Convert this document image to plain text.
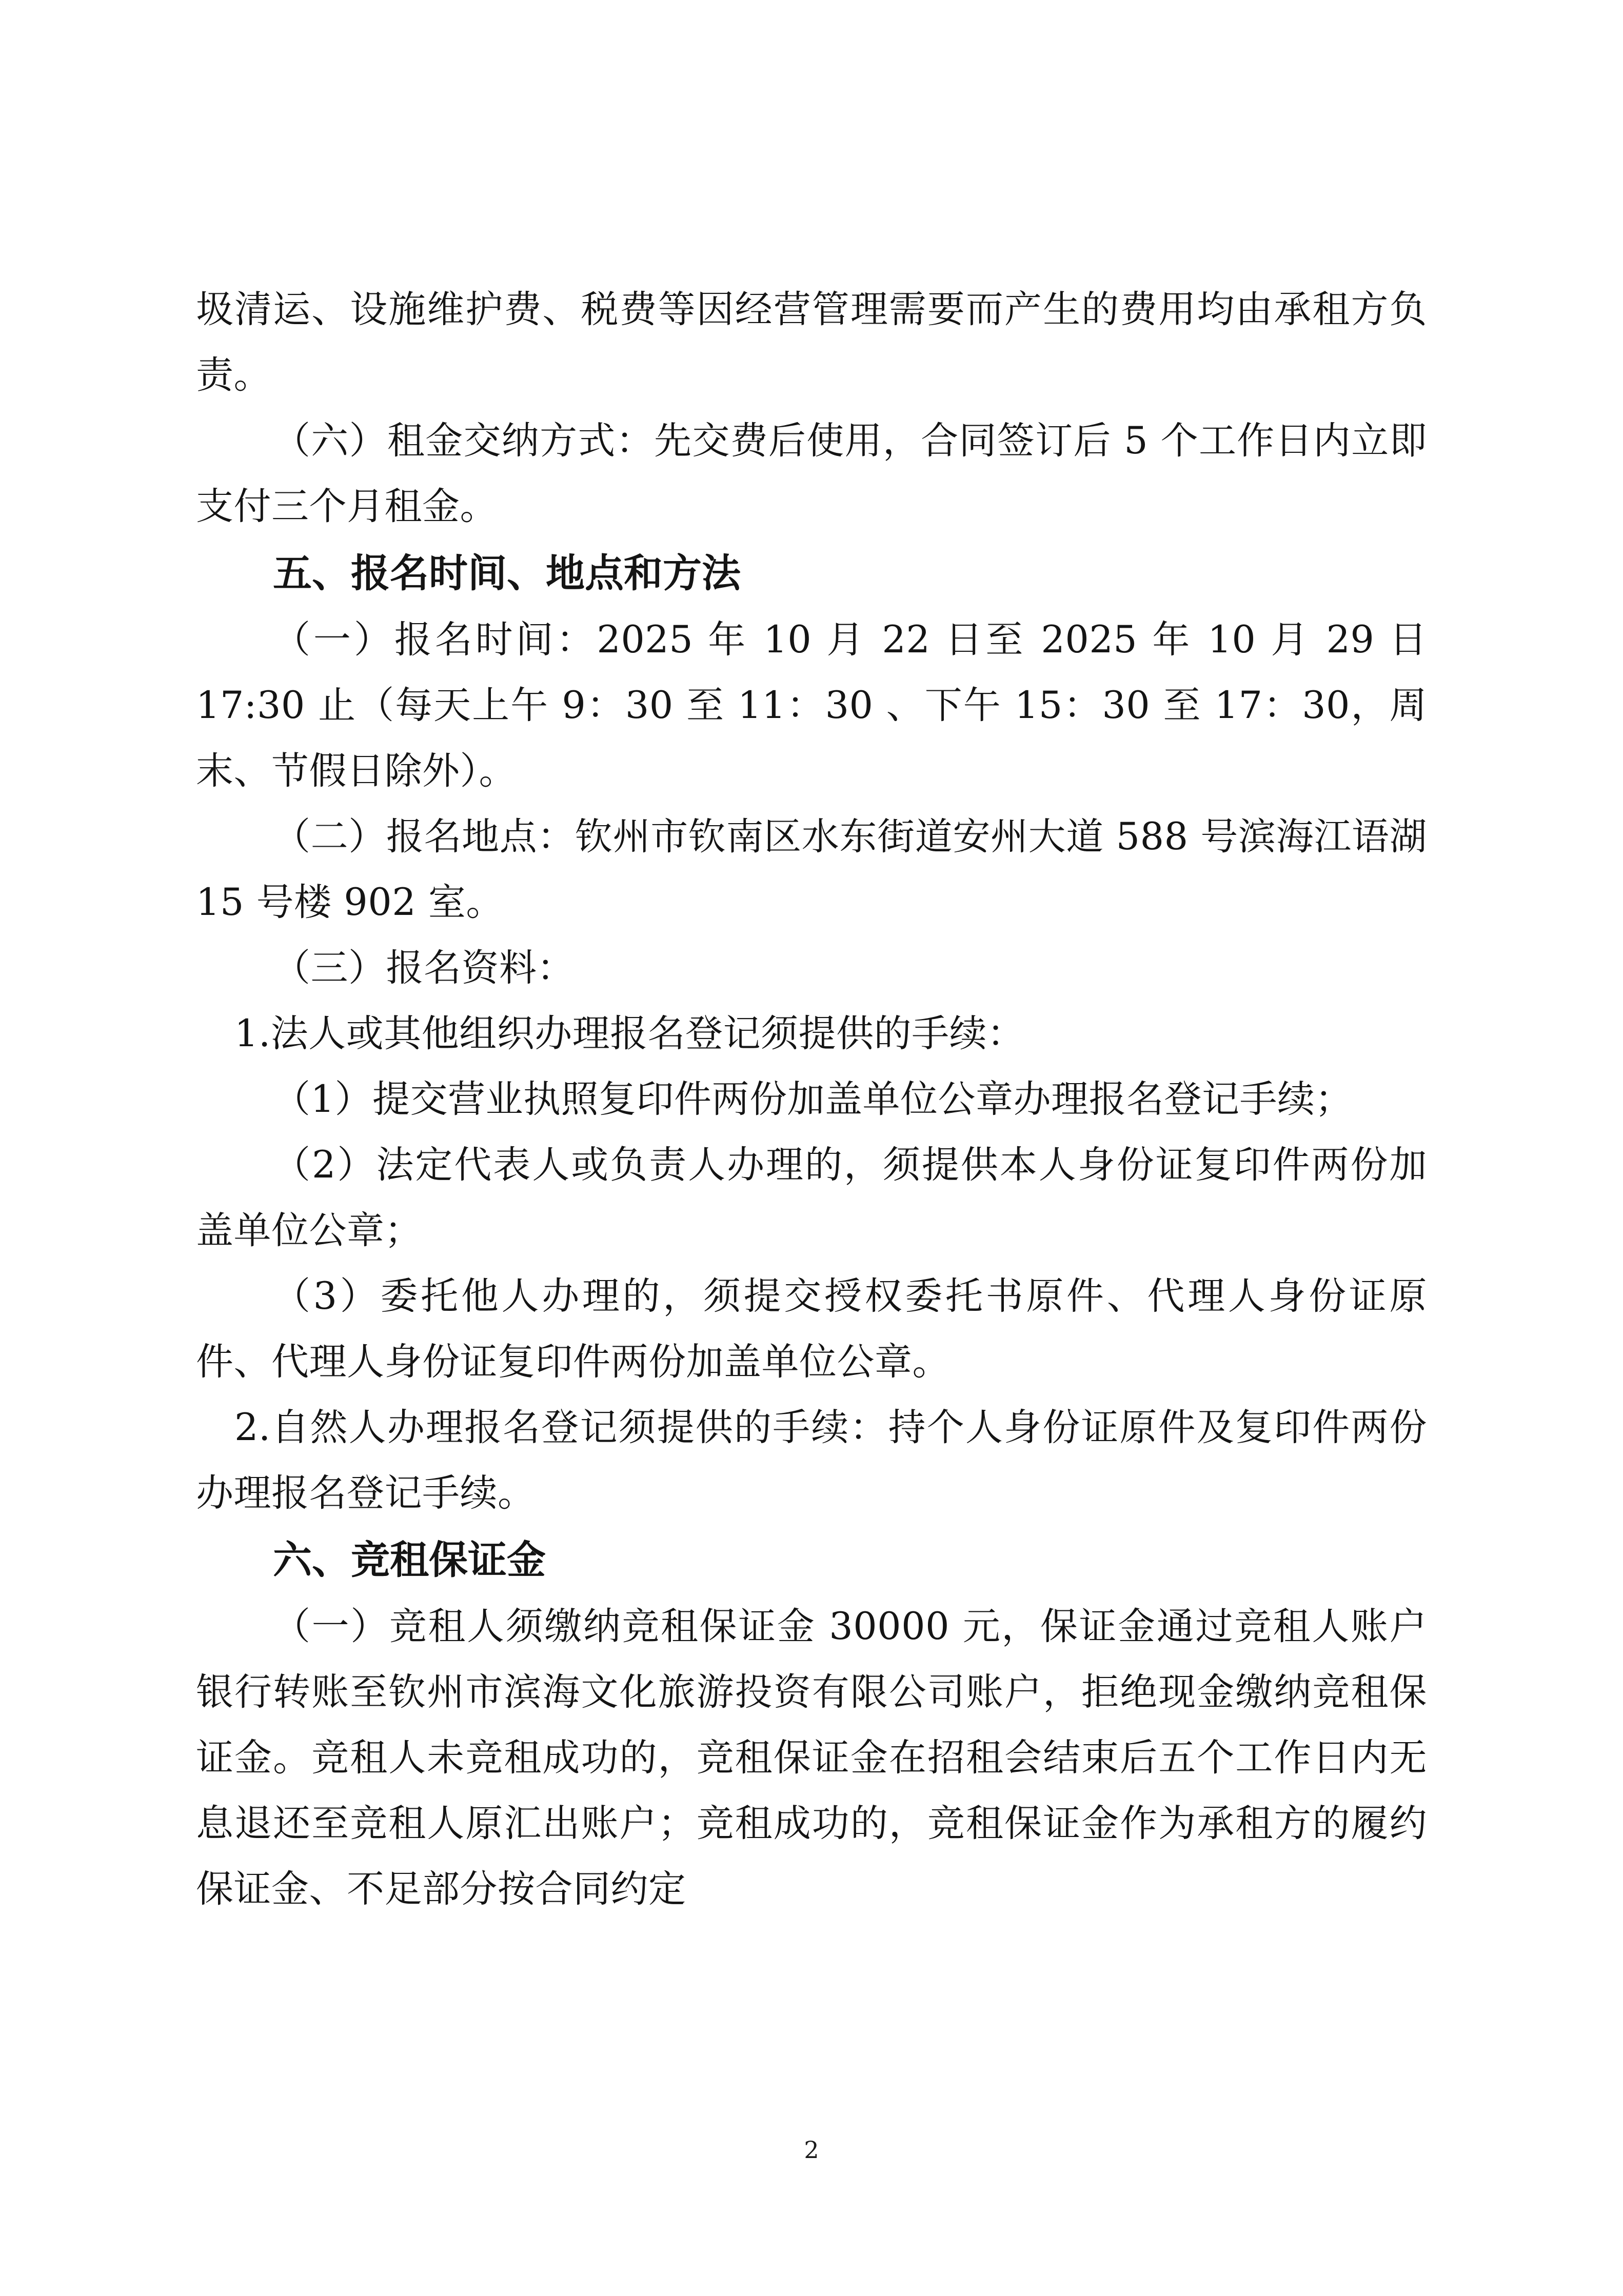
圾清运、设施维护费、税费等因经营管理需要而产生的费用均由承租方负责。

（六）租金交纳方式：先交费后使用，合同签订后 5 个工作日内立即支付三个月租金。

五、报名时间、地点和方法

（一）报名时间：2025 年 10 月 22 日至 2025 年 10 月 29 日 17:30 止（每天上午 9：30 至 11：30 、下午 15：30 至 17：30，周末、节假日除外）。

（二）报名地点：钦州市钦南区水东街道安州大道 588 号滨海江语湖 15 号楼 902 室。

（三）报名资料：

1.法人或其他组织办理报名登记须提供的手续：

（1）提交营业执照复印件两份加盖单位公章办理报名登记手续；

（2）法定代表人或负责人办理的，须提供本人身份证复印件两份加盖单位公章；

（3）委托他人办理的，须提交授权委托书原件、代理人身份证原件、代理人身份证复印件两份加盖单位公章。

2.自然人办理报名登记须提供的手续：持个人身份证原件及复印件两份办理报名登记手续。

六、竞租保证金

（一）竞租人须缴纳竞租保证金 30000 元，保证金通过竞租人账户银行转账至钦州市滨海文化旅游投资有限公司账户，拒绝现金缴纳竞租保证金。竞租人未竞租成功的，竞租保证金在招租会结束后五个工作日内无息退还至竞租人原汇出账户；竞租成功的，竞租保证金作为承租方的履约保证金、不足部分按合同约定

2
